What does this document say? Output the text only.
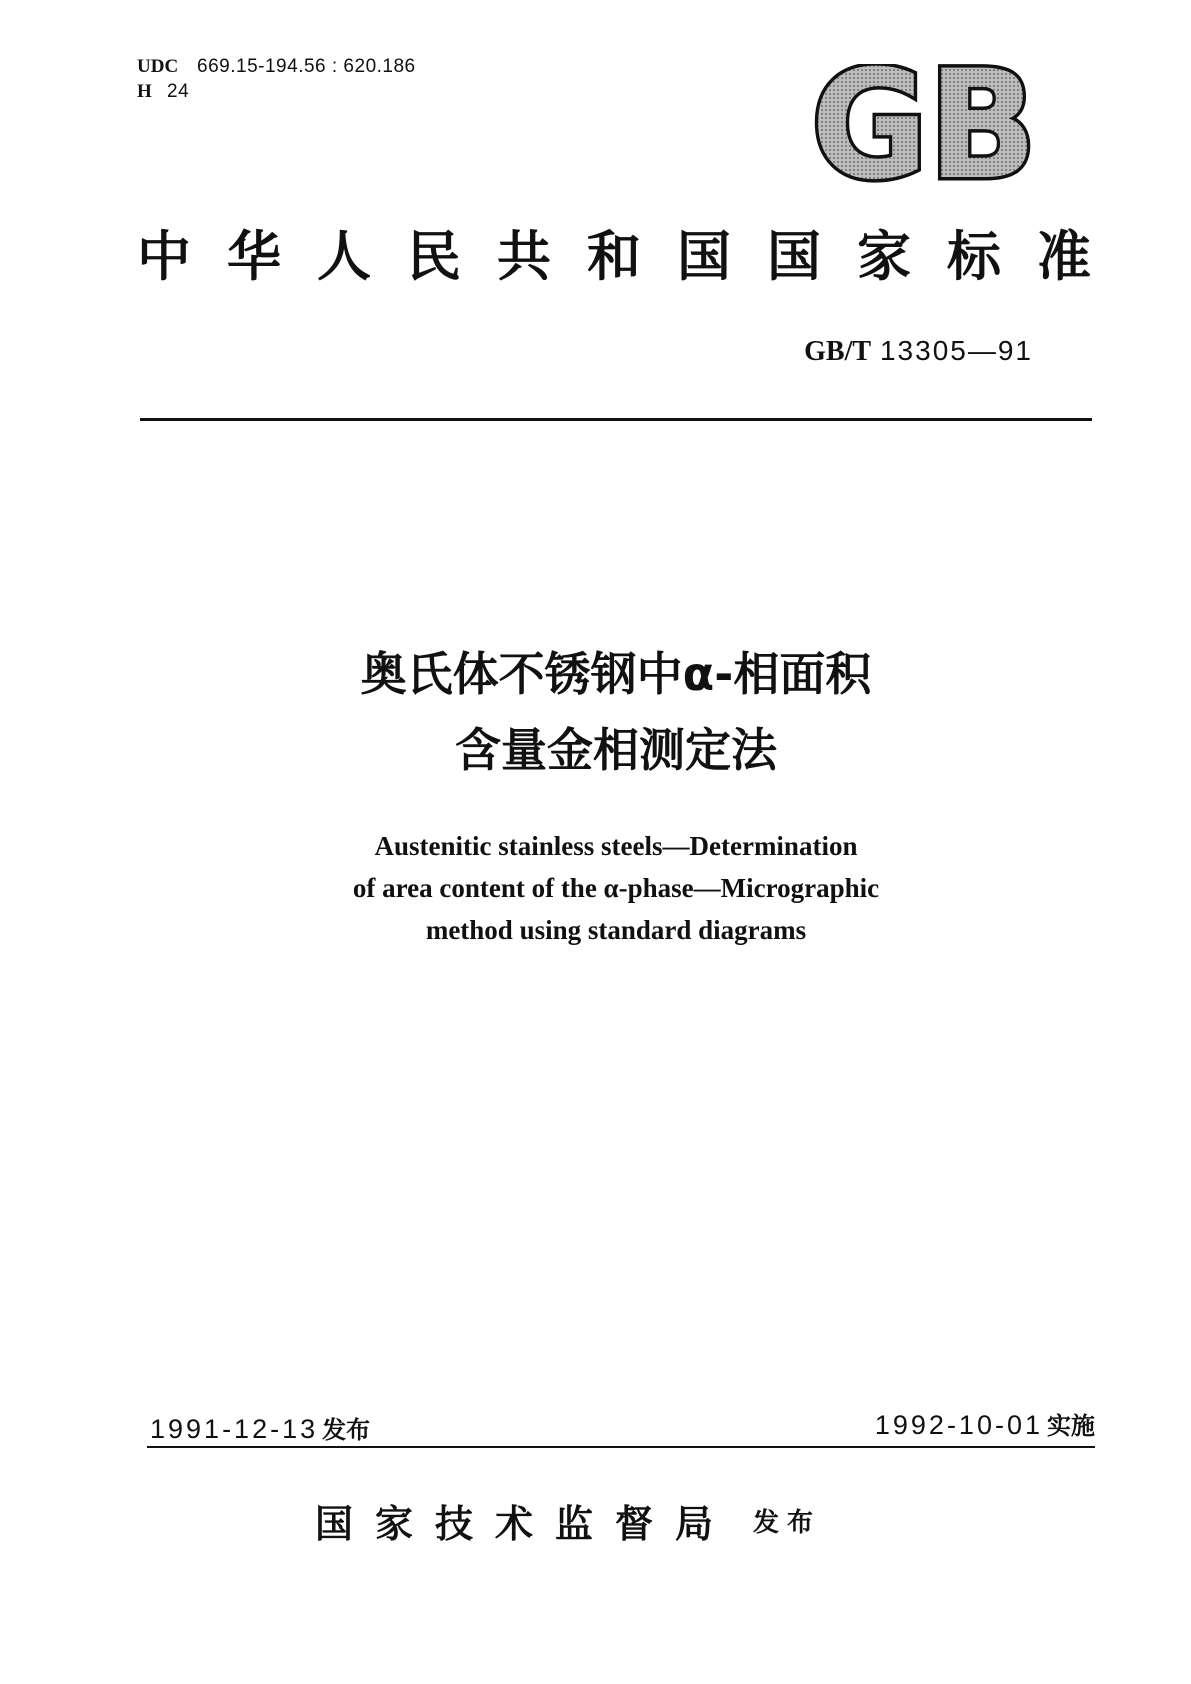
UDC 669.15-194.56 : 620.186
H 24	GB
中华人民共和国国家标准
GB/T 13305—91
奥氏体不锈钢中α-相面积
含量金相测定法
Austenitic stainless steels—Determination
of area content of the α-phase—Micrographic
method using standard diagrams
1991-12-13 发布	1992-10-01 实施
国家技术监督局 发布
